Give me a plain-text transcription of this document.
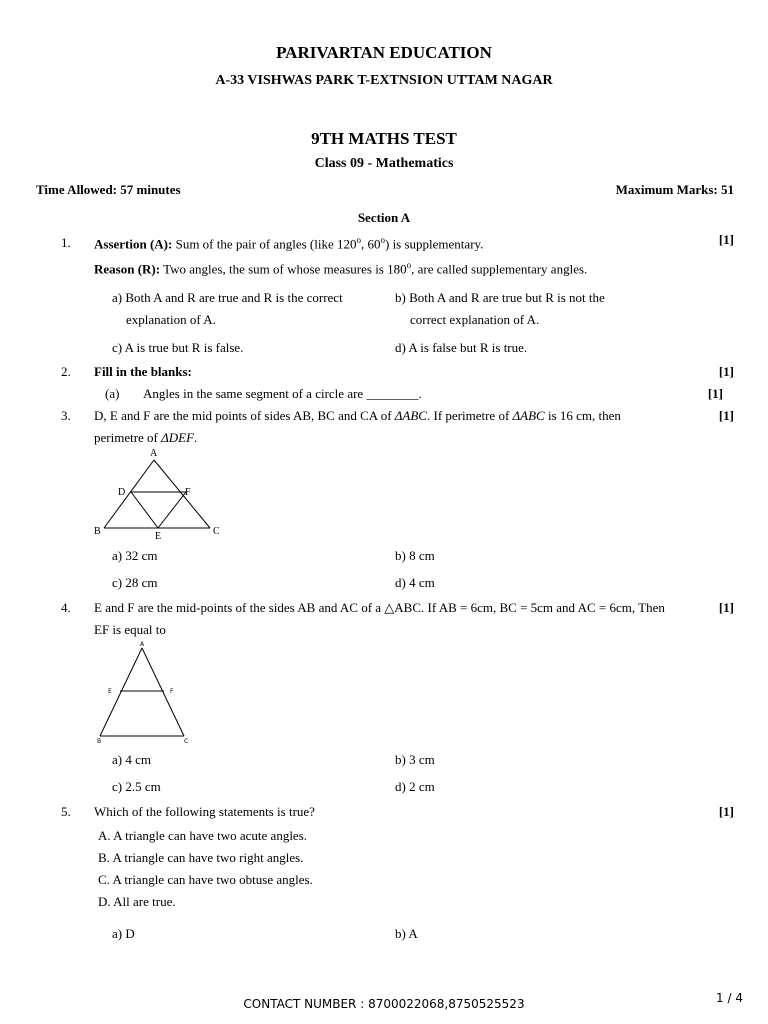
PARIVARTAN EDUCATION
A-33 VISHWAS PARK T-EXTNSION UTTAM NAGAR
9TH MATHS TEST
Class 09 - Mathematics
Time Allowed: 57 minutes	Maximum Marks: 51
Section A
1.	[1]
Assertion (A): Sum of the pair of angles (like 120$^o$, 60$^o$) is supplementary.
Reason (R): Two angles, the sum of whose measures is 180$^o$, are called supplementary angles.
a) Both A and R are true and R is the correct
explanation of A.
b) Both A and R are true but R is not the
correct explanation of A.
c) A is true but R is false.	d) A is false but R is true.
2. Fill in the blanks:	[1]
(a) Angles in the same segment of a circle are ________.	[1]
3.	[1]
D, E and F are the mid points of sides AB, BC and CA of ΔABC. If perimetre of ΔABC is 16 cm, then
perimetre of ΔDEF.
A
B	C
D
E
F
a) 32 cm	b) 8 cm
c) 28 cm	d) 4 cm
4.	[1]
E and F are the mid-points of the sides AB and AC of a △ABC. If AB = 6cm, BC = 5cm and AC = 6cm, Then
EF is equal to
A
B	C
E	F
a) 4 cm	b) 3 cm
c) 2.5 cm	d) 2 cm
5.	[1]
Which of the following statements is true?
A. A triangle can have two acute angles.
B. A triangle can have two right angles.
C. A triangle can have two obtuse angles.
D. All are true.
a) D	b) A
CONTACT NUMBER : 8700022068,8750525523	1 / 4
